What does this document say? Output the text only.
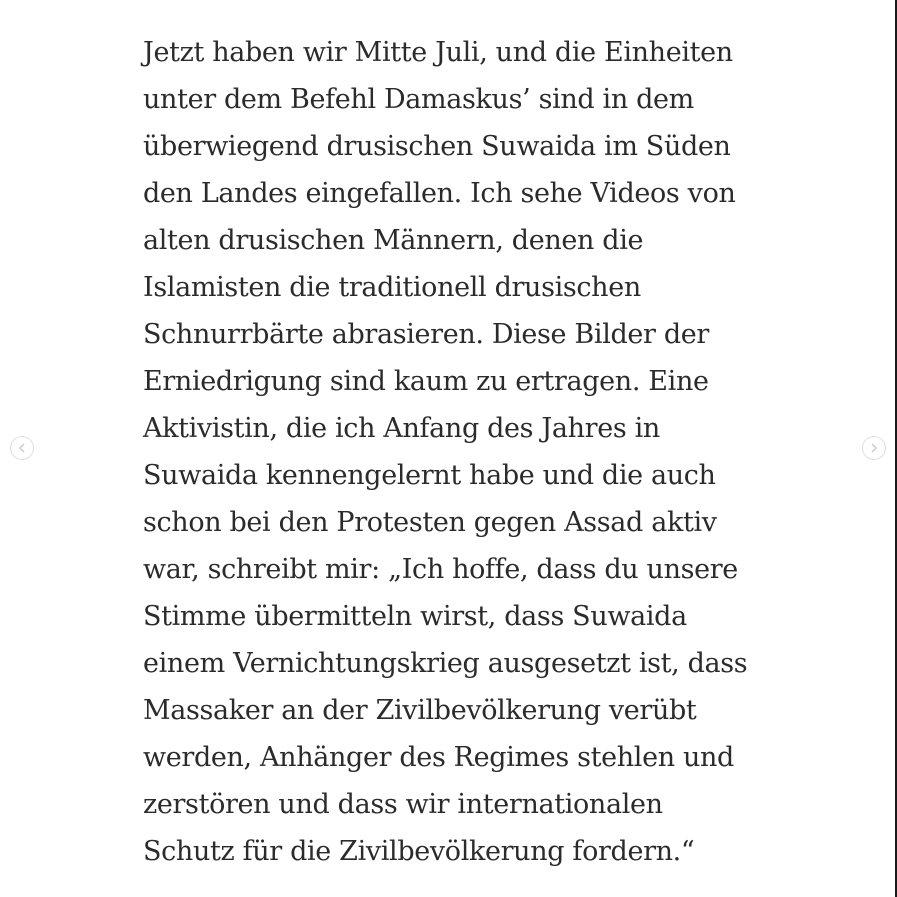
Jetzt haben wir Mitte Juli, und die Einheiten
unter dem Befehl Damaskus’ sind in dem
überwiegend drusischen Suwaida im Süden
den Landes eingefallen. Ich sehe Videos von
alten drusischen Männern, denen die
Islamisten die traditionell drusischen
Schnurrbärte abrasieren. Diese Bilder der
Erniedrigung sind kaum zu ertragen. Eine
Aktivistin, die ich Anfang des Jahres in
Suwaida kennengelernt habe und die auch
schon bei den Protesten gegen Assad aktiv
war, schreibt mir: „Ich hoffe, dass du unsere
Stimme übermitteln wirst, dass Suwaida
einem Vernichtungskrieg ausgesetzt ist, dass
Massaker an der Zivilbevölkerung verübt
werden, Anhänger des Regimes stehlen und
zerstören und dass wir internationalen
Schutz für die Zivilbevölkerung fordern.“
